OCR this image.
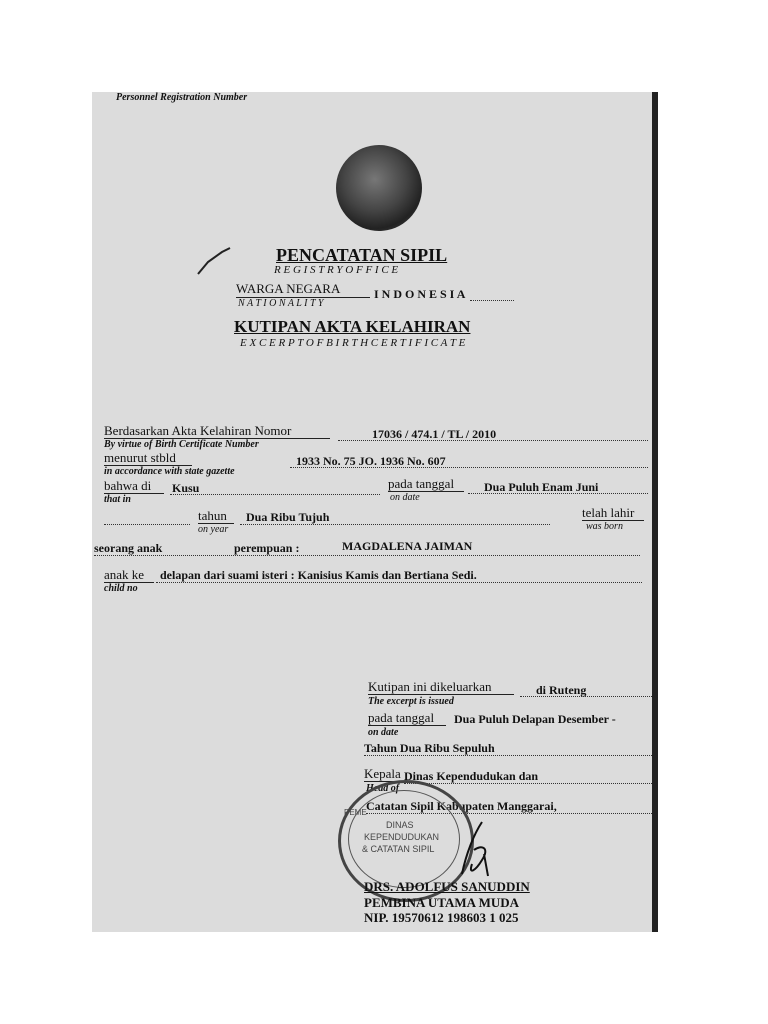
Personnel Registration Number
PENCATATAN SIPIL
R E G I S T R Y O F F I C E
WARGA NEGARA	I N D O N E S I A
N A T I O N A L I T Y
KUTIPAN AKTA KELAHIRAN
E X C E R P T O F B I R T H C E R T I F I C A T E
Berdasarkan Akta Kelahiran Nomor
By virtue of Birth Certificate Number
17036 / 474.1 / TL / 2010
menurut stbld
in accordance with state gazette
1933 No. 75 JO. 1936 No. 607
bahwa di
that in
Kusu	pada tanggal
on date
Dua Puluh Enam Juni
tahun
on year
Dua Ribu Tujuh	telah lahir
was born
seorang anak	perempuan :	MAGDALENA JAIMAN
anak ke
child no
delapan dari suami isteri : Kanisius Kamis dan Bertiana Sedi.
Kutipan ini dikeluarkan
The excerpt is issued
di Ruteng
pada tanggal
on date
Dua Puluh Delapan Desember -
Tahun Dua Ribu Sepuluh
Kepala
Head of
Dinas Kependudukan dan
Catatan Sipil Kabupaten Manggarai,
PEME
DINAS
KEPENDUDUKAN
& CATATAN SIPIL
DRS. ADOLFUS SANUDDIN
PEMBINA UTAMA MUDA
NIP. 19570612 198603 1 025
